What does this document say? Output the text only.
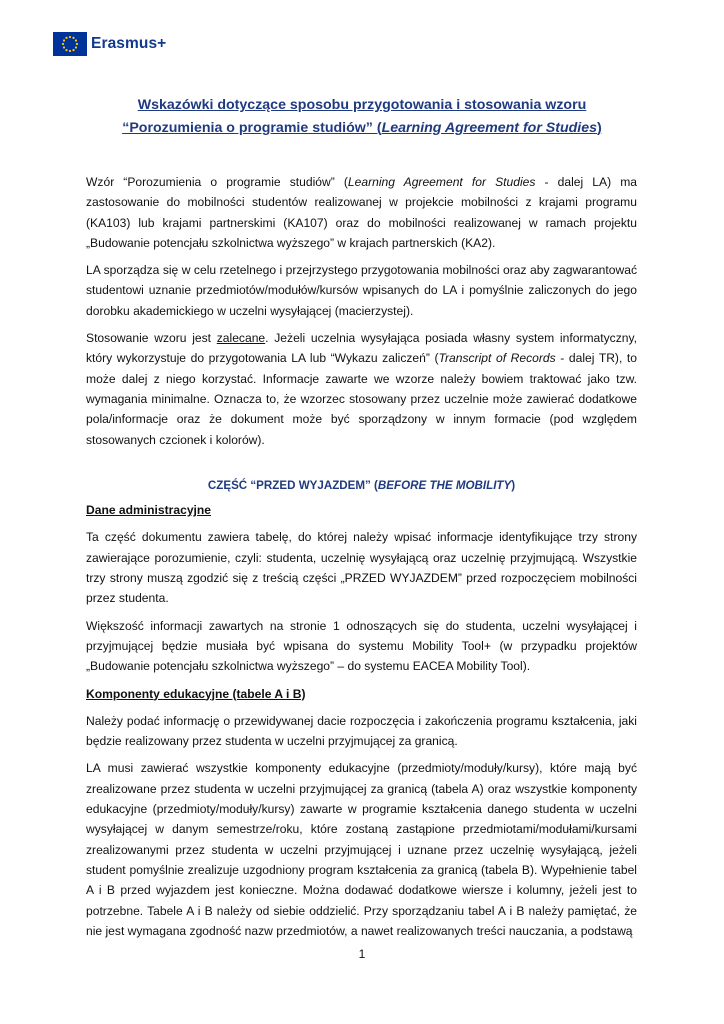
Erasmus+
Wskazówki dotyczące sposobu przygotowania i stosowania wzoru
“Porozumienia o programie studiów” (Learning Agreement for Studies)

Wzór “Porozumienia o programie studiów” (Learning Agreement for Studies - dalej LA) ma zastosowanie do mobilności studentów realizowanej w projekcie mobilności z krajami programu (KA103) lub krajami partnerskimi (KA107) oraz do mobilności realizowanej w ramach projektu „Budowanie potencjału szkolnictwa wyższego” w krajach partnerskich (KA2).

LA sporządza się w celu rzetelnego i przejrzystego przygotowania mobilności oraz aby zagwarantować studentowi uznanie przedmiotów/modułów/kursów wpisanych do LA i pomyślnie zaliczonych do jego dorobku akademickiego w uczelni wysyłającej (macierzystej).

Stosowanie wzoru jest zalecane. Jeżeli uczelnia wysyłająca posiada własny system informatyczny, który wykorzystuje do przygotowania LA lub “Wykazu zaliczeń” (Transcript of Records - dalej TR), to może dalej z niego korzystać. Informacje zawarte we wzorze należy bowiem traktować jako tzw. wymagania minimalne. Oznacza to, że wzorzec stosowany przez uczelnie może zawierać dodatkowe pola/informacje oraz że dokument może być sporządzony w innym formacie (pod względem stosowanych czcionek i kolorów).

CZĘŚĆ “PRZED WYJAZDEM” (BEFORE THE MOBILITY)
Dane administracyjne

Ta część dokumentu zawiera tabelę, do której należy wpisać informacje identyfikujące trzy strony zawierające porozumienie, czyli: studenta, uczelnię wysyłającą oraz uczelnię przyjmującą. Wszystkie trzy strony muszą zgodzić się z treścią części „PRZED WYJAZDEM” przed rozpoczęciem mobilności przez studenta.

Większość informacji zawartych na stronie 1 odnoszących się do studenta, uczelni wysyłającej i przyjmującej będzie musiała być wpisana do systemu Mobility Tool+ (w przypadku projektów „Budowanie potencjału szkolnictwa wyższego” – do systemu EACEA Mobility Tool).

Komponenty edukacyjne (tabele A i B)

Należy podać informację o przewidywanej dacie rozpoczęcia i zakończenia programu kształcenia, jaki będzie realizowany przez studenta w uczelni przyjmującej za granicą.

LA musi zawierać wszystkie komponenty edukacyjne (przedmioty/moduły/kursy), które mają być zrealizowane przez studenta w uczelni przyjmującej za granicą (tabela A) oraz wszystkie komponenty edukacyjne (przedmioty/moduły/kursy) zawarte w programie kształcenia danego studenta w uczelni wysyłającej w danym semestrze/roku, które zostaną zastąpione przedmiotami/modułami/kursami zrealizowanymi przez studenta w uczelni przyjmującej i uznane przez uczelnię wysyłającą, jeżeli student pomyślnie zrealizuje uzgodniony program kształcenia za granicą (tabela B). Wypełnienie tabel A i B przed wyjazdem jest konieczne. Można dodawać dodatkowe wiersze i kolumny, jeżeli jest to potrzebne. Tabele A i B należy od siebie oddzielić. Przy sporządzaniu tabel A i B należy pamiętać, że nie jest wymagana zgodność nazw przedmiotów, a nawet realizowanych treści nauczania, a podstawą

1
